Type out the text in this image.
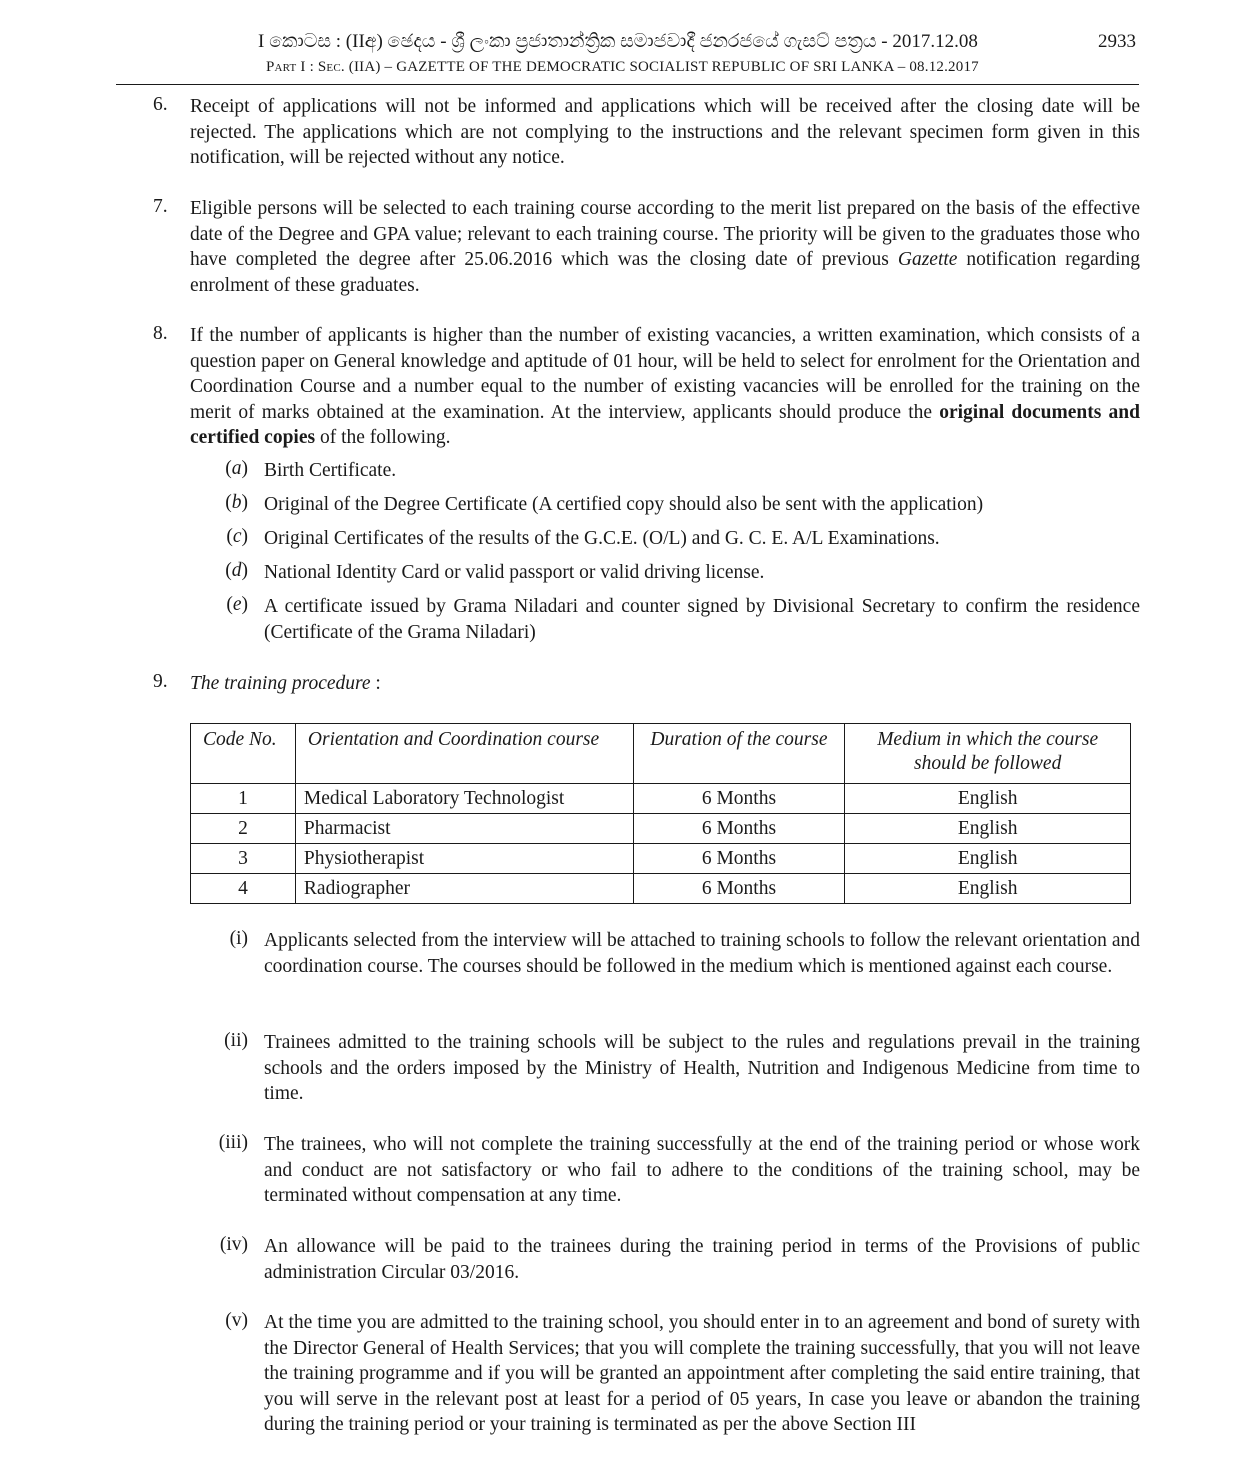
I කොටස : (IIඅ) ඡෙදය - ශ්‍රී ලංකා ප්‍රජාතාන්ත්‍රික සමාජවාදී ජනරජයේ ගැසට් පත්‍රය - 2017.12.08
Part I : Sec. (IIA) – GAZETTE OF THE DEMOCRATIC SOCIALIST REPUBLIC OF SRI LANKA – 08.12.2017
2933
6. Receipt of applications will not be informed and applications which will be received after the closing date will be rejected. The applications which are not complying to the instructions and the relevant specimen form given in this notification, will be rejected without any notice.
7. Eligible persons will be selected to each training course according to the merit list prepared on the basis of the effective date of the Degree and GPA value; relevant to each training course. The priority will be given to the graduates those who have completed the degree after 25.06.2016 which was the closing date of previous Gazette notification regarding enrolment of these graduates.
8. If the number of applicants is higher than the number of existing vacancies, a written examination, which consists of a question paper on General knowledge and aptitude of 01 hour, will be held to select for enrolment for the Orientation and Coordination Course and a number equal to the number of existing vacancies will be enrolled for the training on the merit of marks obtained at the examination. At the interview, applicants should produce the original documents and certified copies of the following.
(a) Birth Certificate.
(b) Original of the Degree Certificate (A certified copy should also be sent with the application)
(c) Original Certificates of the results of the G.C.E. (O/L) and G. C. E. A/L Examinations.
(d) National Identity Card or valid passport or valid driving license.
(e) A certificate issued by Grama Niladari and counter signed by Divisional Secretary to confirm the residence (Certificate of the Grama Niladari)
9. The training procedure :
Code No.	Orientation and Coordination course	Duration of the course	Medium in which the course should be followed
1	Medical Laboratory Technologist	6 Months	English
2	Pharmacist	6 Months	English
3	Physiotherapist	6 Months	English
4	Radiographer	6 Months	English
(i) Applicants selected from the interview will be attached to training schools to follow the relevant orientation and coordination course. The courses should be followed in the medium which is mentioned against each course.
(ii) Trainees admitted to the training schools will be subject to the rules and regulations prevail in the training schools and the orders imposed by the Ministry of Health, Nutrition and Indigenous Medicine from time to time.
(iii) The trainees, who will not complete the training successfully at the end of the training period or whose work and conduct are not satisfactory or who fail to adhere to the conditions of the training school, may be terminated without compensation at any time.
(iv) An allowance will be paid to the trainees during the training period in terms of the Provisions of public administration Circular 03/2016.
(v) At the time you are admitted to the training school, you should enter in to an agreement and bond of surety with the Director General of Health Services; that you will complete the training successfully, that you will not leave the training programme and if you will be granted an appointment after completing the said entire training, that you will serve in the relevant post at least for a period of 05 years, In case you leave or abandon the training during the training period or your training is terminated as per the above Section III
